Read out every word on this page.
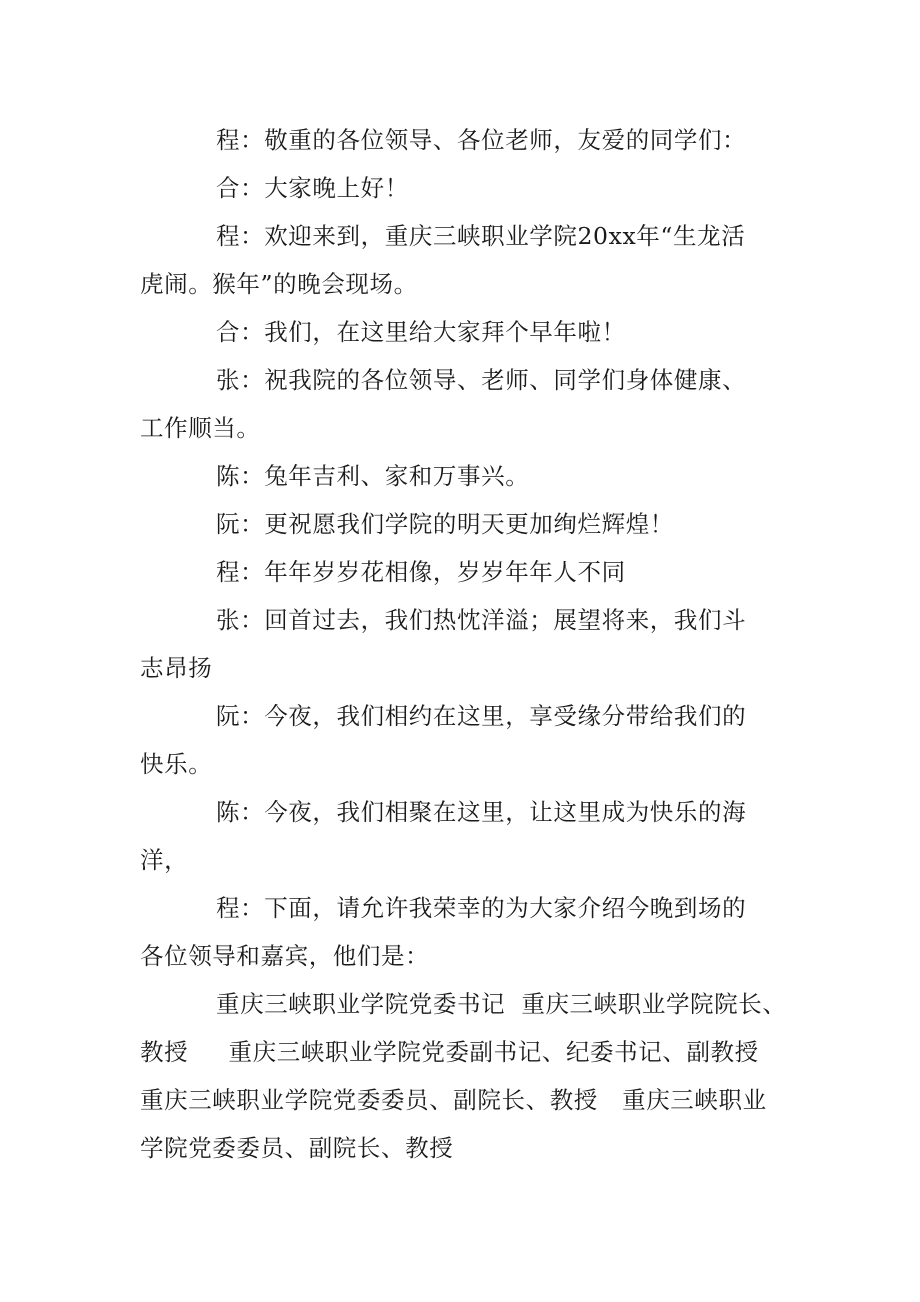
程：敬重的各位领导、各位老师，友爱的同学们：
合：大家晚上好！
程：欢迎来到，重庆三峡职业学院20xx年“生龙活
虎闹。猴年”的晚会现场。
合：我们，在这里给大家拜个早年啦！
张：祝我院的各位领导、老师、同学们身体健康、
工作顺当。
陈：兔年吉利、家和万事兴。
阮：更祝愿我们学院的明天更加绚烂辉煌！
程：年年岁岁花相像，岁岁年年人不同
张：回首过去，我们热忱洋溢；展望将来，我们斗
志昂扬
阮：今夜，我们相约在这里，享受缘分带给我们的
快乐。
陈：今夜，我们相聚在这里，让这里成为快乐的海
洋，
程：下面，请允许我荣幸的为大家介绍今晚到场的
各位领导和嘉宾，他们是：
重庆三峡职业学院党委书记  重庆三峡职业学院院长、
教授     重庆三峡职业学院党委副书记、纪委书记、副教授
重庆三峡职业学院党委委员、副院长、教授   重庆三峡职业
学院党委委员、副院长、教授
